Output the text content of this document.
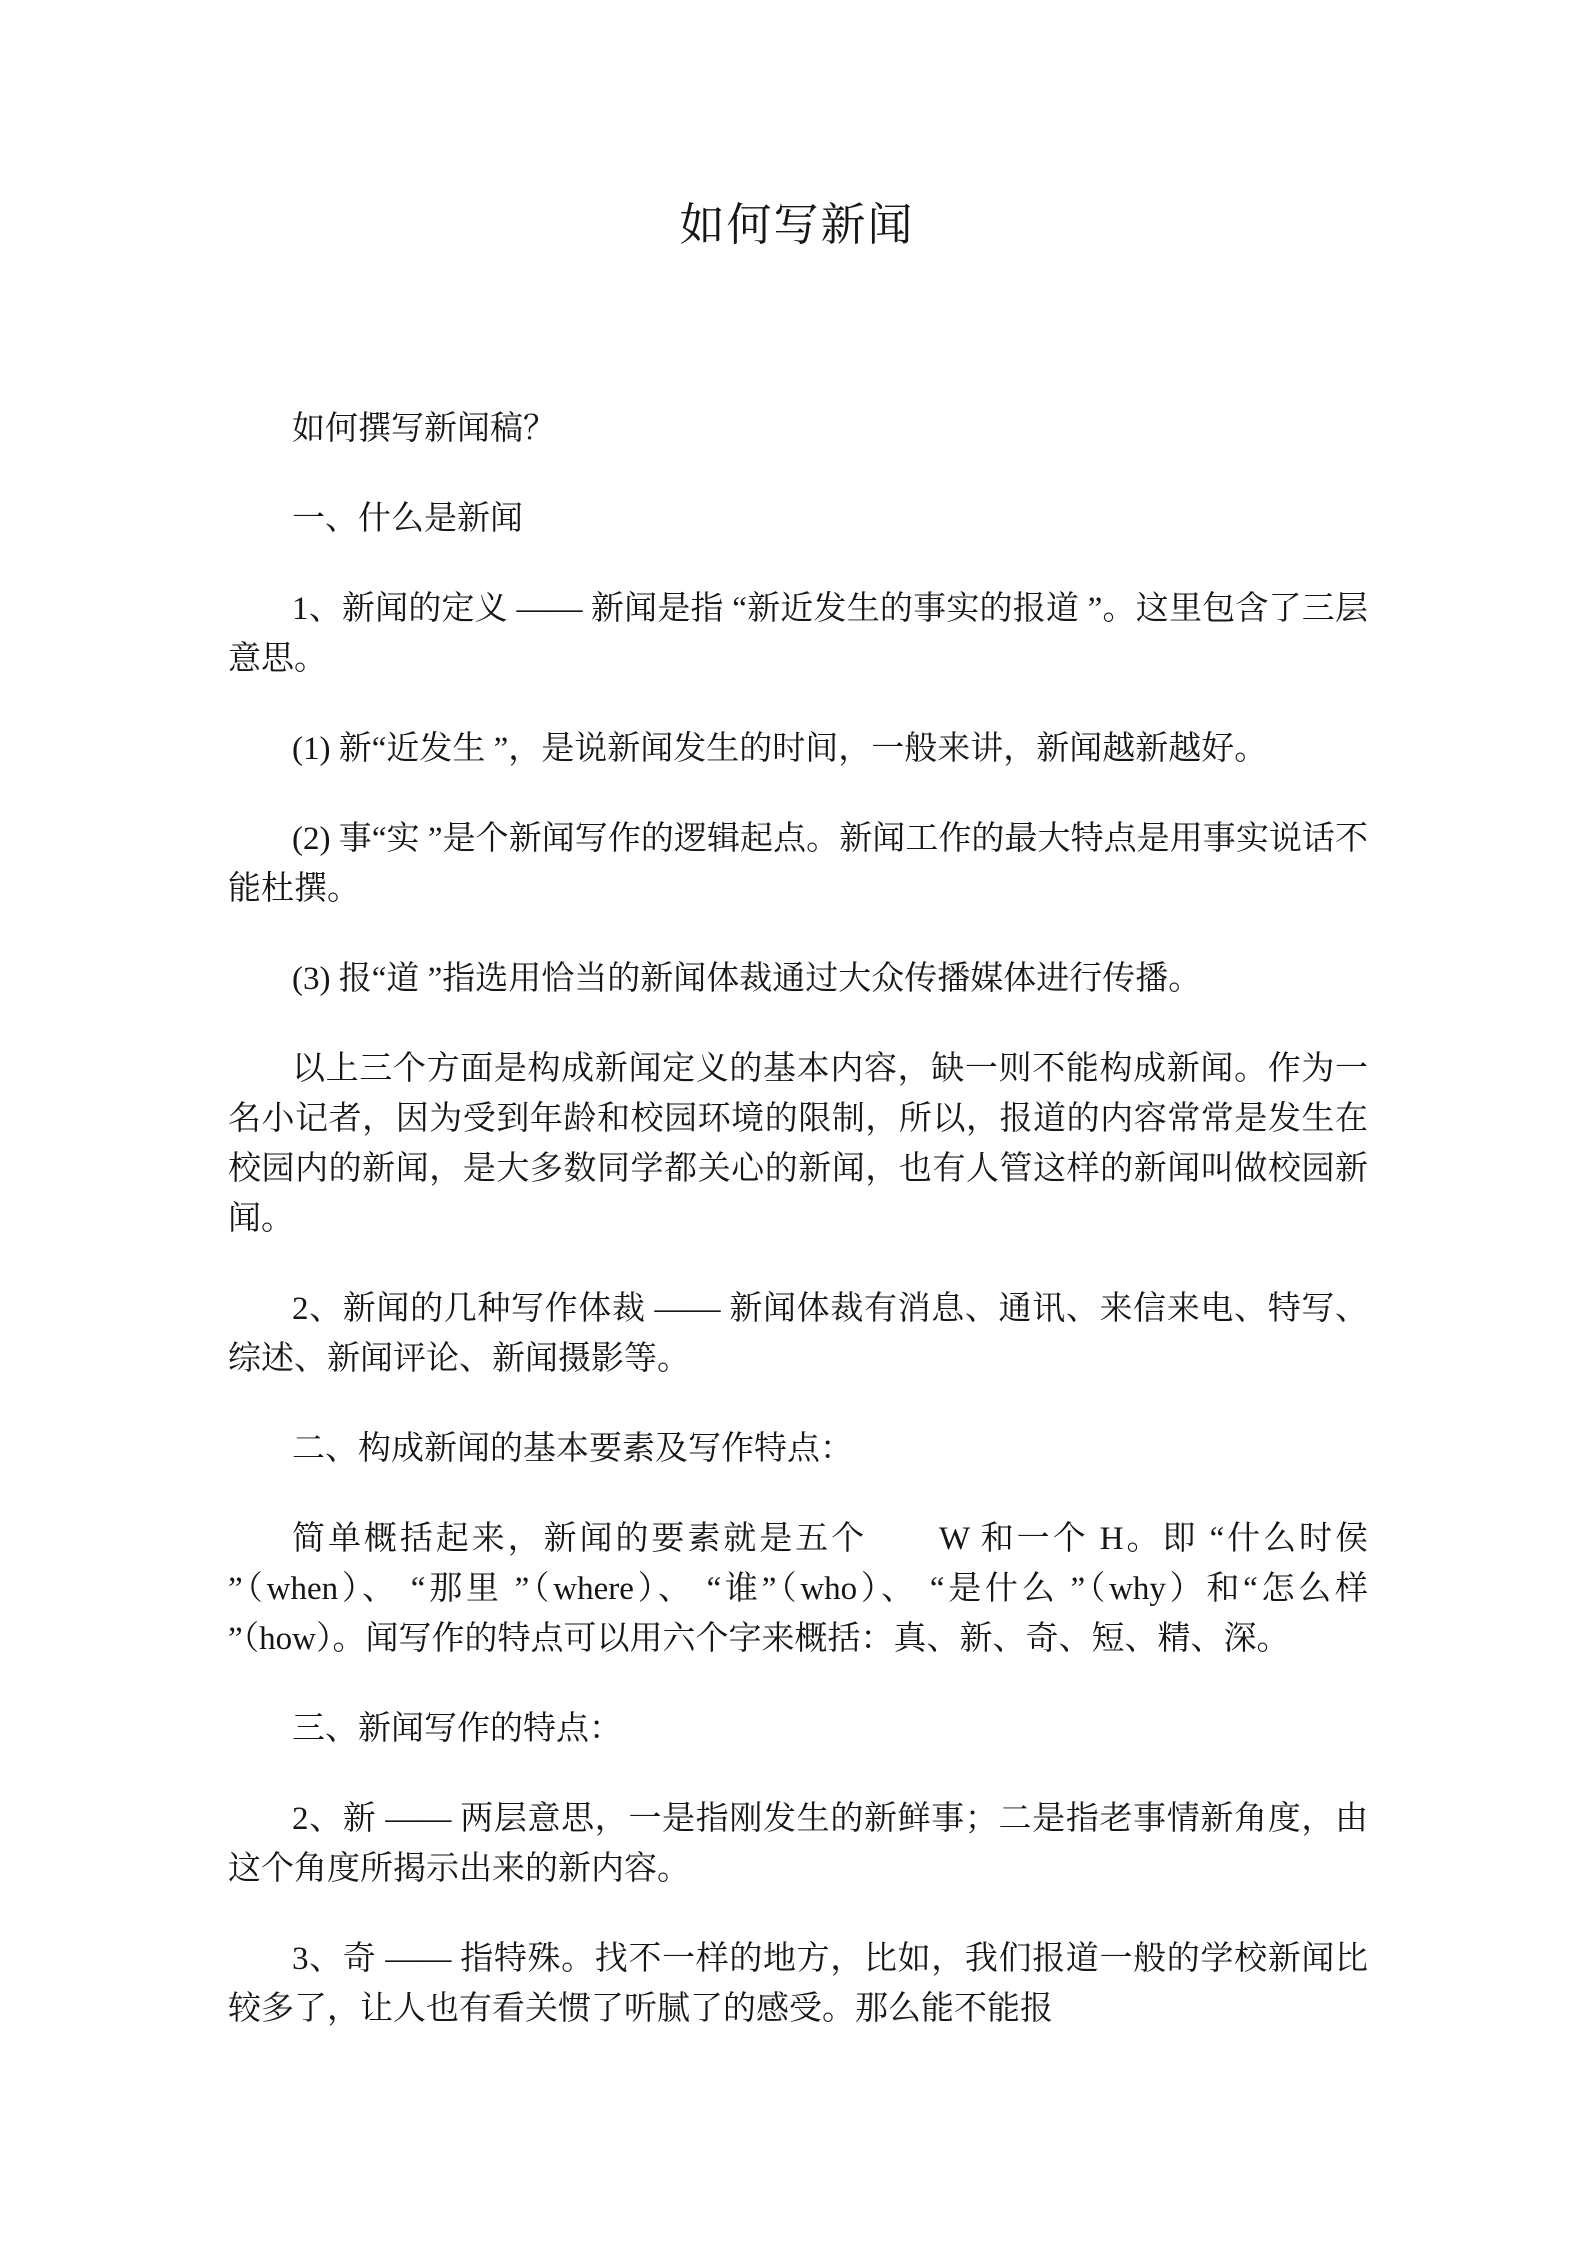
如何写新闻

如何撰写新闻稿？

一、什么是新闻

1、新闻的定义 —— 新闻是指 “新近发生的事实的报道 ”。这里包含了三层意思。

(1) 新“近发生 ”，是说新闻发生的时间，一般来讲，新闻越新越好。

(2) 事“实 ”是个新闻写作的逻辑起点。新闻工作的最大特点是用事实说话不能杜撰。

(3) 报“道 ”指选用恰当的新闻体裁通过大众传播媒体进行传播。

以上三个方面是构成新闻定义的基本内容，缺一则不能构成新闻。作为一名小记者，因为受到年龄和校园环境的限制，所以，报道的内容常常是发生在校园内的新闻，是大多数同学都关心的新闻，也有人管这样的新闻叫做校园新闻。

2、新闻的几种写作体裁 —— 新闻体裁有消息、通讯、来信来电、特写、综述、新闻评论、新闻摄影等。

二、构成新闻的基本要素及写作特点：

简单概括起来，新闻的要素就是五个　　W 和一个 H。即 “什么时侯 ”（when）、 “那里 ”（where）、 “谁”（who）、 “是什么 ”（why）和“怎么样 ”（how）。闻写作的特点可以用六个字来概括：真、新、奇、短、精、深。

三、新闻写作的特点：

2、新 —— 两层意思，一是指刚发生的新鲜事；二是指老事情新角度，由这个角度所揭示出来的新内容。

3、奇 —— 指特殊。找不一样的地方，比如，我们报道一般的学校新闻比较多了，让人也有看关惯了听腻了的感受。那么能不能报
